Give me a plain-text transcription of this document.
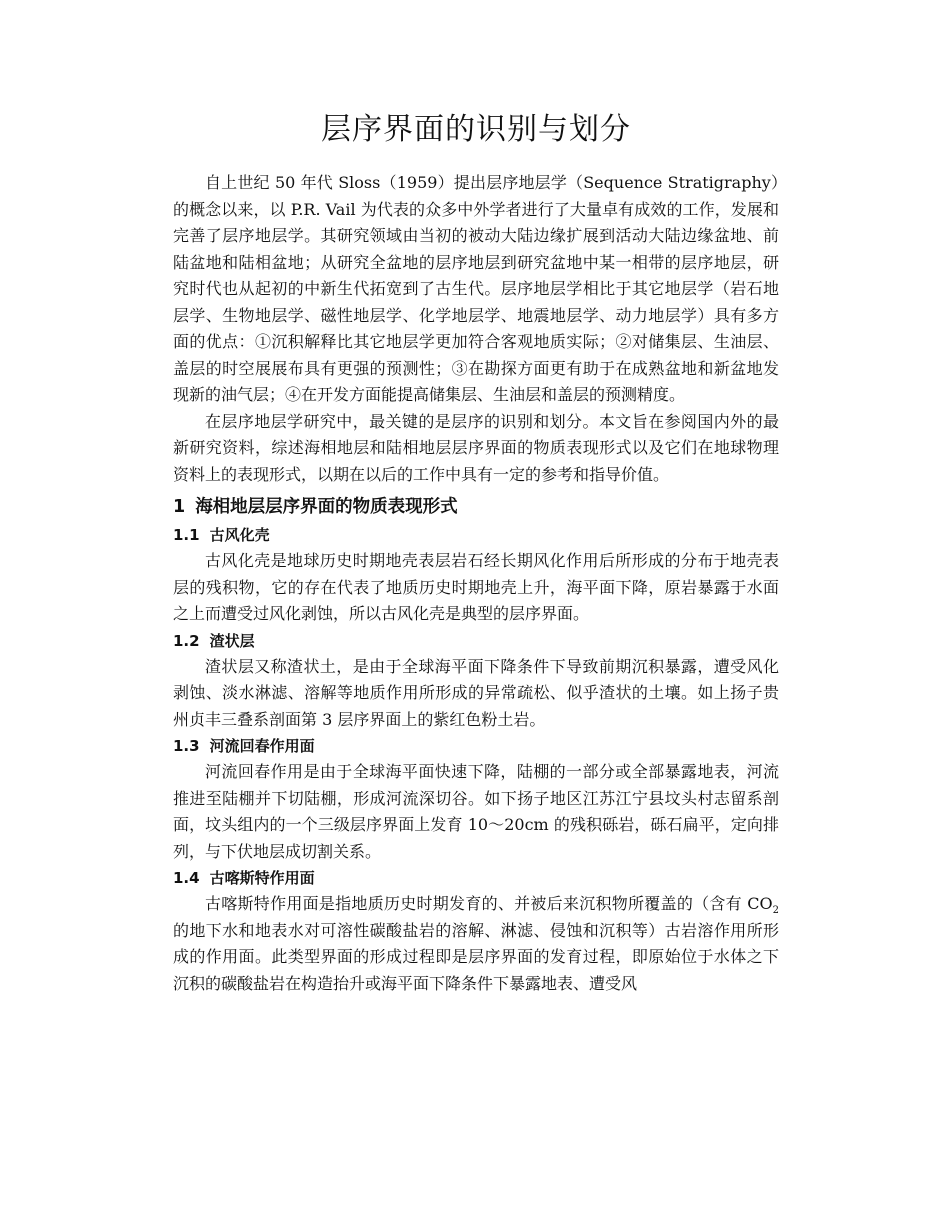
层序界面的识别与划分

自上世纪 50 年代 Sloss（1959）提出层序地层学（Sequence Stratigraphy）的概念以来，以 P.R. Vail 为代表的众多中外学者进行了大量卓有成效的工作，发展和完善了层序地层学。其研究领域由当初的被动大陆边缘扩展到活动大陆边缘盆地、前陆盆地和陆相盆地；从研究全盆地的层序地层到研究盆地中某一相带的层序地层，研究时代也从起初的中新生代拓宽到了古生代。层序地层学相比于其它地层学（岩石地层学、生物地层学、磁性地层学、化学地层学、地震地层学、动力地层学）具有多方面的优点：①沉积解释比其它地层学更加符合客观地质实际；②对储集层、生油层、盖层的时空展展布具有更强的预测性；③在勘探方面更有助于在成熟盆地和新盆地发现新的油气层；④在开发方面能提高储集层、生油层和盖层的预测精度。

在层序地层学研究中，最关键的是层序的识别和划分。本文旨在参阅国内外的最新研究资料，综述海相地层和陆相地层层序界面的物质表现形式以及它们在地球物理资料上的表现形式，以期在以后的工作中具有一定的参考和指导价值。

1 海相地层层序界面的物质表现形式
1.1 古风化壳

古风化壳是地球历史时期地壳表层岩石经长期风化作用后所形成的分布于地壳表层的残积物，它的存在代表了地质历史时期地壳上升，海平面下降，原岩暴露于水面之上而遭受过风化剥蚀，所以古风化壳是典型的层序界面。

1.2 渣状层

渣状层又称渣状土，是由于全球海平面下降条件下导致前期沉积暴露，遭受风化剥蚀、淡水淋滤、溶解等地质作用所形成的异常疏松、似乎渣状的土壤。如上扬子贵州贞丰三叠系剖面第 3 层序界面上的紫红色粉土岩。

1.3 河流回春作用面

河流回春作用是由于全球海平面快速下降，陆棚的一部分或全部暴露地表，河流推进至陆棚并下切陆棚，形成河流深切谷。如下扬子地区江苏江宁县坟头村志留系剖面，坟头组内的一个三级层序界面上发育 10～20cm 的残积砾岩，砾石扁平，定向排列，与下伏地层成切割关系。

1.4 古喀斯特作用面

古喀斯特作用面是指地质历史时期发育的、并被后来沉积物所覆盖的（含有 $CO_2$的地下水和地表水对可溶性碳酸盐岩的溶解、淋滤、侵蚀和沉积等）古岩溶作用所形成的作用面。此类型界面的形成过程即是层序界面的发育过程，即原始位于水体之下沉积的碳酸盐岩在构造抬升或海平面下降条件下暴露地表、遭受风
